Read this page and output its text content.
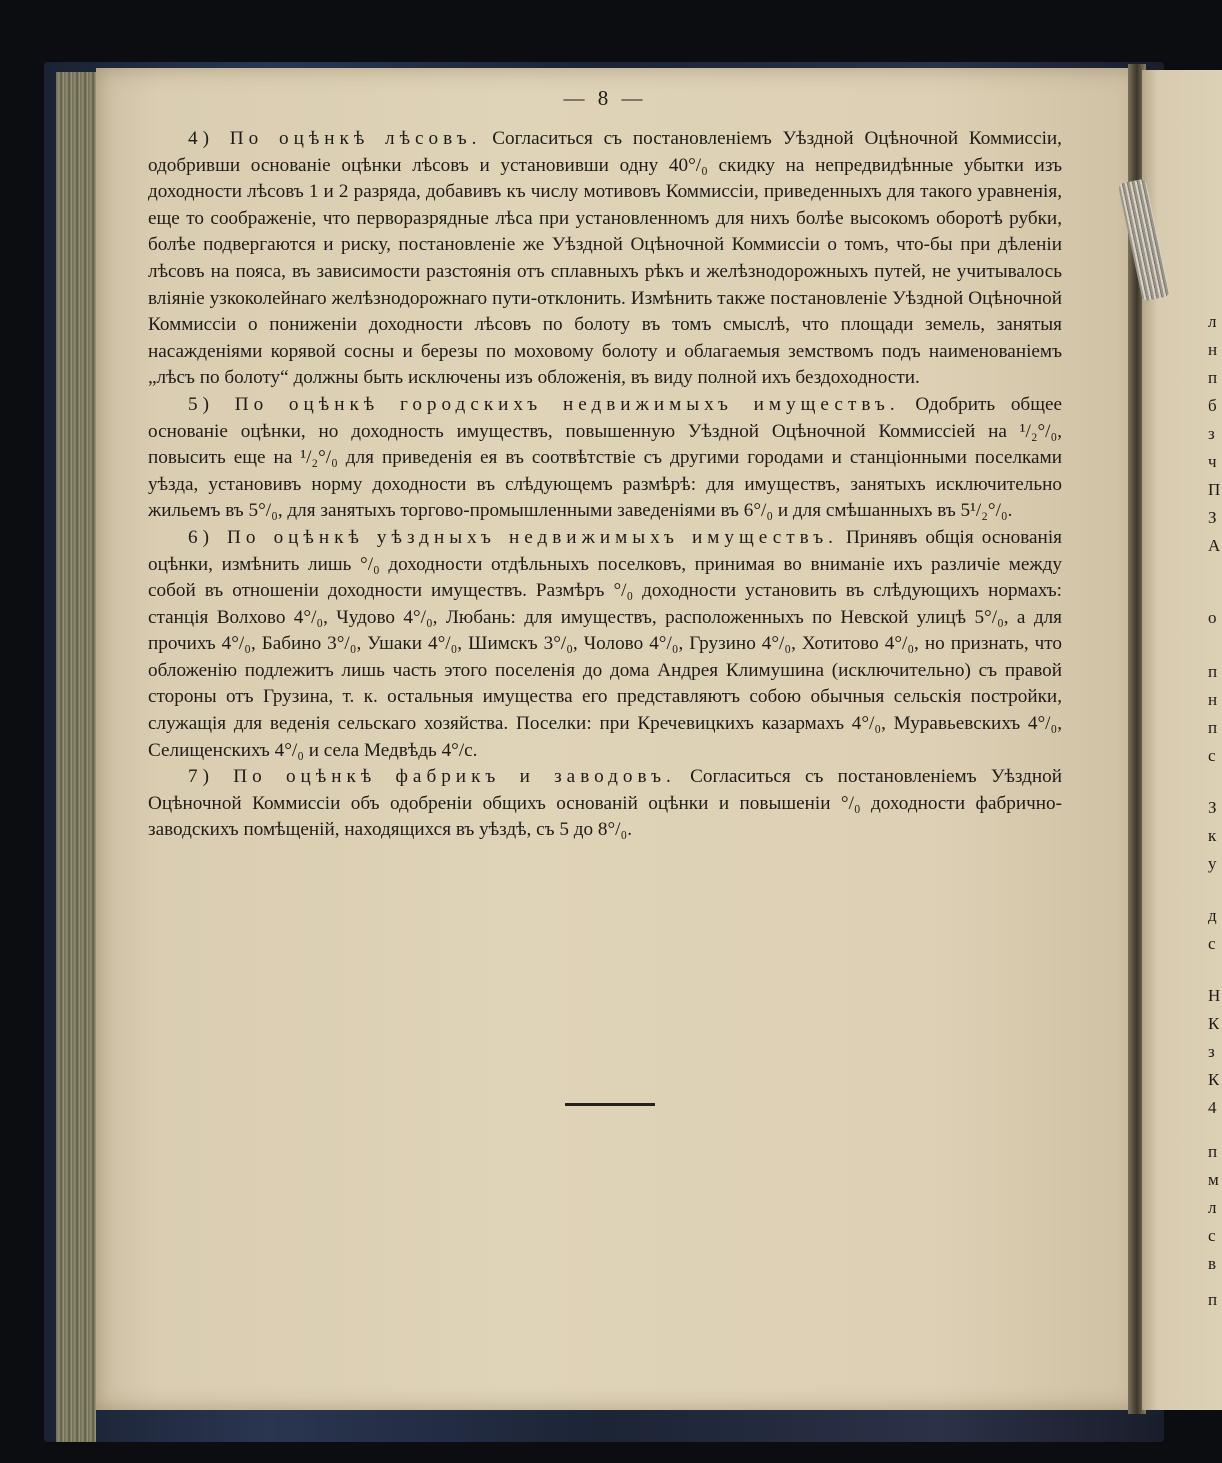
— 8 —

4) По оцѣнкѣ лѣсовъ. Согласиться съ постановленіемъ Уѣздной Оцѣночной Коммиссіи, одобривши основаніе оцѣнки лѣсовъ и установивши одну 40°/₀ скидку на непредвидѣнные убытки изъ доходности лѣсовъ 1 и 2 разряда, добавивъ къ числу мотивовъ Коммиссіи, приведенныхъ для такого уравненія, еще то соображеніе, что перворазрядные лѣса при установленномъ для нихъ болѣе высокомъ оборотѣ рубки, болѣе подвергаются и риску, постановленіе же Уѣздной Оцѣночной Коммиссіи о томъ, что-бы при дѣленіи лѣсовъ на пояса, въ зависимости разстоянія отъ сплавныхъ рѣкъ и желѣзнодорожныхъ путей, не учитывалось вліяніе узкоколейнаго желѣзнодорожнаго пути-отклонить. Измѣнить также постановленіе Уѣздной Оцѣночной Коммиссіи о пониженіи доходности лѣсовъ по болоту въ томъ смыслѣ, что площади земель, занятыя насажденіями корявой сосны и березы по моховому болоту и облагаемыя земствомъ подъ наименованіемъ „лѣсъ по болоту“ должны быть исключены изъ обложенія, въ виду полной ихъ бездоходности.

5) По оцѣнкѣ городскихъ недвижимыхъ имуществъ. Одобрить общее основаніе оцѣнки, но доходность имуществъ, повышенную Уѣздной Оцѣночной Коммиссіей на ¹/₂°/₀, повысить еще на ¹/₂°/₀ для приведенія ея въ соотвѣтствіе съ другими городами и станціонными поселками уѣзда, установивъ норму доходности въ слѣдующемъ размѣрѣ: для имуществъ, занятыхъ исключительно жильемъ въ 5°/₀, для занятыхъ торгово-промышленными заведеніями въ 6°/₀ и для смѣшанныхъ въ 5¹/₂°/₀.

6) По оцѣнкѣ уѣздныхъ недвижимыхъ имуществъ. Принявъ общія основанія оцѣнки, измѣнить лишь °/₀ доходности отдѣльныхъ поселковъ, принимая во вниманіе ихъ различіе между собой въ отношеніи доходности имуществъ. Размѣръ °/₀ доходности установить въ слѣдующихъ нормахъ: станція Волхово 4°/₀, Чудово 4°/₀, Любань: для имуществъ, расположенныхъ по Невской улицѣ 5°/₀, а для прочихъ 4°/₀, Бабино 3°/₀, Ушаки 4°/₀, Шимскъ 3°/₀, Чолово 4°/₀, Грузино 4°/₀, Хотитово 4°/₀, но признать, что обложенію подлежитъ лишь часть этого поселенія до дома Андрея Климушина (исключительно) съ правой стороны отъ Грузина, т. к. остальныя имущества его представляютъ собою обычныя сельскія постройки, служащія для веденія сельскаго хозяйства. Поселки: при Кречевицкихъ казармахъ 4°/₀, Муравьевскихъ 4°/₀, Селищенскихъ 4°/₀ и села Медвѣдь 4°/с.

7) По оцѣнкѣ фабрикъ и заводовъ. Согласиться съ постановленіемъ Уѣздной Оцѣночной Коммиссіи объ одобреніи общихъ основаній оцѣнки и повышеніи °/₀ доходности фабрично-заводскихъ помѣщеній, находящихся въ уѣздѣ, съ 5 до 8°/₀.

л
н
п
б
з
ч
П
З
А
о
п
н
п
с
З
к
у
д
с
Н
К
з
К
4
п
м
л
с
в
п
